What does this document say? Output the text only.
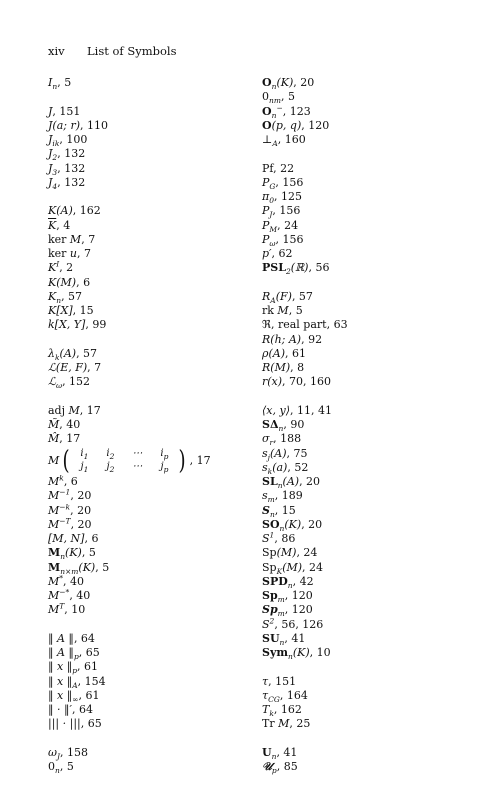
xiv List of Symbols
$I_n$, 5
J, 151
J(a; r), 110
$J_{ik}$, 100
$J_2$, 132
$J_3$, 132
$J_4$, 132
K(A), 162
$\overline{K}$, 4
ker M, 7
ker u, 7
$K^I$, 2
K(M), 6
$K_n$, 57
K[X], 15
k[X, Y], 99
$\lambda_k(A)$, 57
ℒ(E, F), 7
ℒ$_\omega$, 152
adj M, 17
M̃, 40
M̂, 17
M (	$i_1$	$i_2$	⋯	$i_p$
$j_1$	$j_2$	⋯	$j_p$ ) , 17
$M^k$, 6
$M^{-1}$, 20
$M^{-k}$, 20
$M^{-T}$, 20
[M, N], 6
$M_n(K)$, 5
$M_{n\times m}(K)$, 5
M*, 40
M−*, 40
$M^T$, 10
‖ A ‖, 64
‖ A $‖_p$, 65
‖ x $‖_p$, 61
‖ x $‖_A$, 154
‖ x $‖_\infty$, 61
‖ · ‖′, 64
||| · |||, 65
$\omega_J$, 158
$0_n$, 5
$O_n(K)$, 20
$0_{nm}$, 5
$O_n^-$, 123
O(p, q), 120
$\perp_A$, 160
Pf, 22
$P_G$, 156
$\pi_0$, 125
$P_J$, 156
$P_M$, 24
$P_\omega$, 156
p′, 62
$PSL_2(ℝ)$, 56
$R_A(F)$, 57
rk M, 5
ℜ, real part, 63
R(h; A), 92
ρ(A), 61
R(M), 8
r(x), 70, 160
⟨x, y⟩, 11, 41
$S\Delta_n$, 90
$\sigma_r$, 188
$s_j(A)$, 75
$s_k(a)$, 52
$SL_n(A)$, 20
$s_m$, 189
$S_n$, 15
$SO_n(K)$, 20
$S^1$, 86
Sp(M), 24
$Sp_K(M)$, 24
$SPD_n$, 42
$Sp_m$, 120
$Sp_m$, 120
$S^2$, 56, 126
$SU_n$, 41
Sym$_n$(K), 10
τ, 151
$\tau_{CG}$, 164
$T_k$, 162
Tr M, 25
$U_n$, 41
𝒰$_p$, 85
